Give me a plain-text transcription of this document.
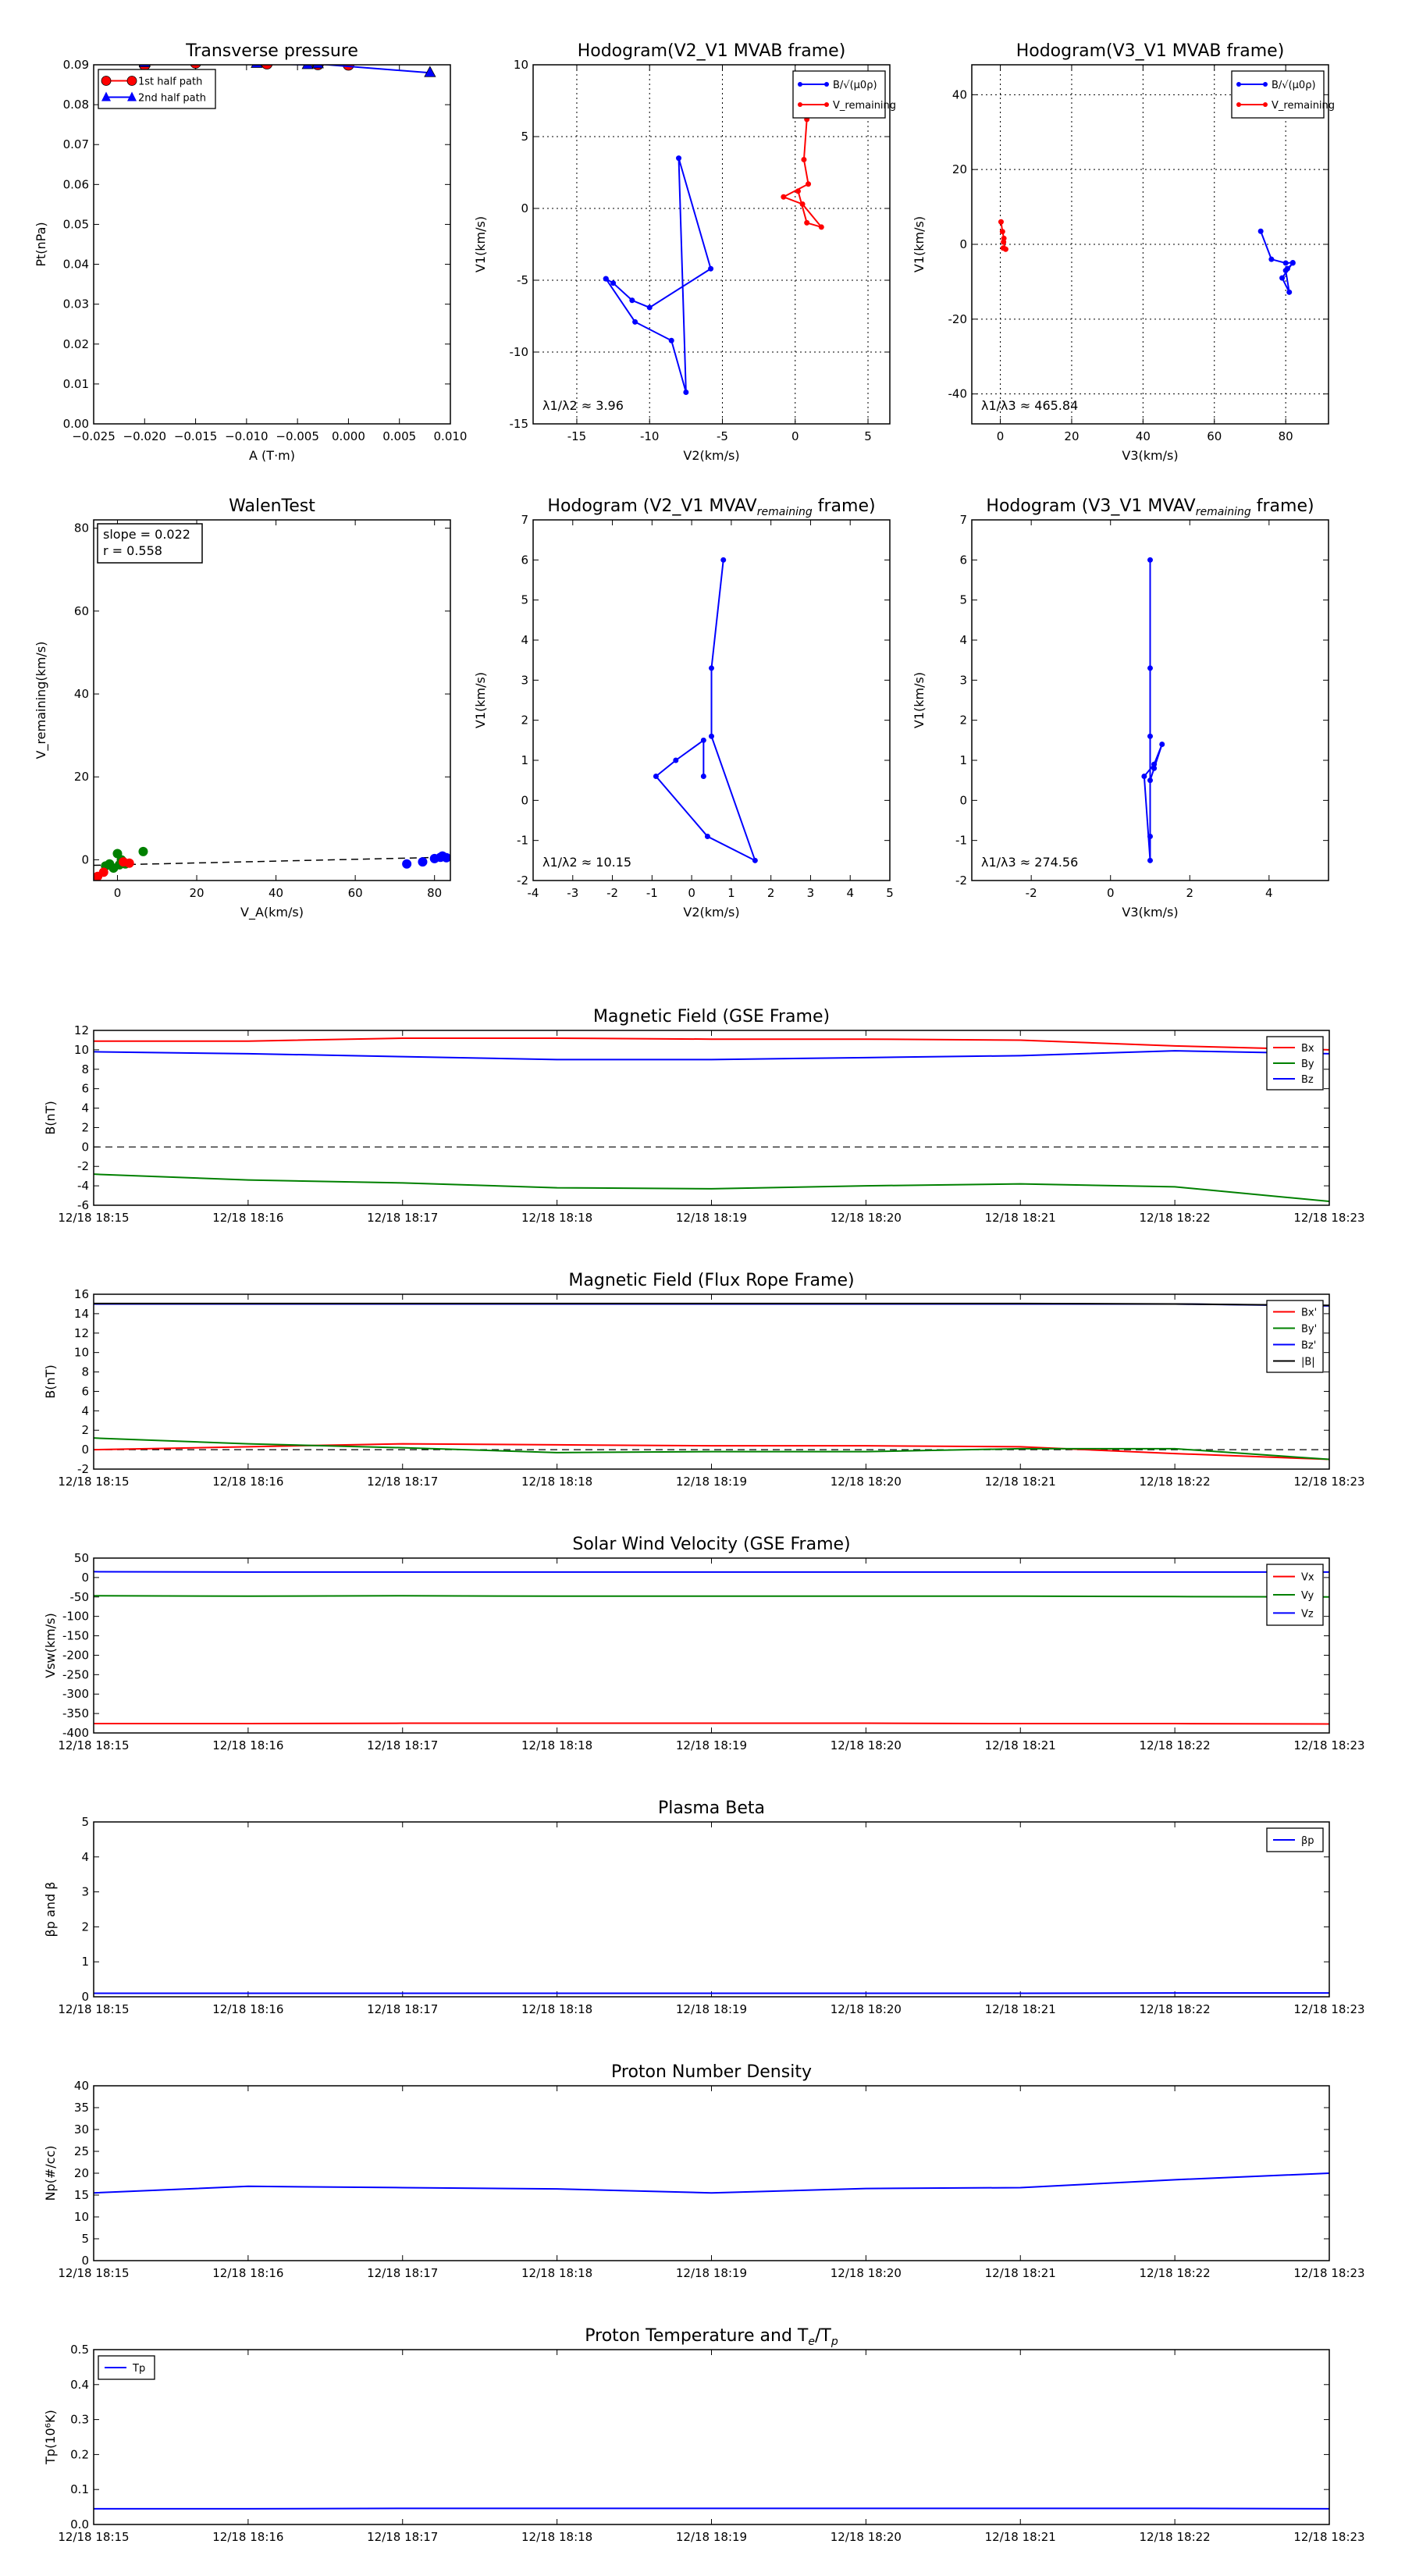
−0.025 −0.020 −0.015 −0.010 −0.005 0.000 0.005 0.010
0.00
0.01
0.02
0.03
0.04
0.05
0.06
0.07
0.08
0.09
Transverse pressure
A (T·m)
Pt(nPa)
1st half path
2nd half path
-15	-10	-5	0	5
-15
-10
-5
0
5
10
Hodogram(V2_V1 MVAB frame)
V2(km/s)
V1(km/s)
λ1/λ2 ≈ 3.96
B/√(μ0ρ)
V_remaining
0	20	40	60	80
-40
-20
0
20
40
Hodogram(V3_V1 MVAB frame)
V3(km/s)
V1(km/s)
λ1/λ3 ≈ 465.84
B/√(μ0ρ)
V_remaining
0	20	40	60	80
0
20
40
60
80
WalenTest
V_A(km/s)
V_remaining(km/s)
slope = 0.022
r = 0.558
-4 -3 -2 -1	0	1	2	3	4	5
-2
-1
0
1
2
3
4
5
6
7
Hodogram (V2_V1 $MVAV_{remaining}$ frame)
V2(km/s)
V1(km/s)
λ1/λ2 ≈ 10.15
-2	0	2	4
-2
-1
0
1
2
3
4
5
6
7
Hodogram (V3_V1 $MVAV_{remaining}$ frame)
V3(km/s)
V1(km/s)
λ1/λ3 ≈ 274.56
12/18 18:15	12/18 18:16	12/18 18:17	12/18 18:18	12/18 18:19	12/18 18:20	12/18 18:21	12/18 18:22	12/18 18:23
-6
-4
-2
0
2
4
6
8
10
12
Magnetic Field (GSE Frame)
B(nT)
Bx
By
Bz
12/18 18:15	12/18 18:16	12/18 18:17	12/18 18:18	12/18 18:19	12/18 18:20	12/18 18:21	12/18 18:22	12/18 18:23
-2
0
2
4
6
8
10
12
14
16
Magnetic Field (Flux Rope Frame)
B(nT)
Bx'
By'
Bz'
|B|
12/18 18:15	12/18 18:16	12/18 18:17	12/18 18:18	12/18 18:19	12/18 18:20	12/18 18:21	12/18 18:22	12/18 18:23
-400
-350
-300
-250
-200
-150
-100
-50
0
50
Solar Wind Velocity (GSE Frame)
Vsw(km/s)
Vx
Vy
Vz
12/18 18:15	12/18 18:16	12/18 18:17	12/18 18:18	12/18 18:19	12/18 18:20	12/18 18:21	12/18 18:22	12/18 18:23
0
1
2
3
4
5
Plasma Beta
βp and β
βp
12/18 18:15	12/18 18:16	12/18 18:17	12/18 18:18	12/18 18:19	12/18 18:20	12/18 18:21	12/18 18:22	12/18 18:23
0
5
10
15
20
25
30
35
40
Proton Number Density
Np(#/cc)
12/18 18:15	12/18 18:16	12/18 18:17	12/18 18:18	12/18 18:19	12/18 18:20	12/18 18:21	12/18 18:22	12/18 18:23
0.0
0.1
0.2
0.3
0.4
0.5
Proton Temperature and $T_e/T_p$
Tp(10⁶K)
Tp
